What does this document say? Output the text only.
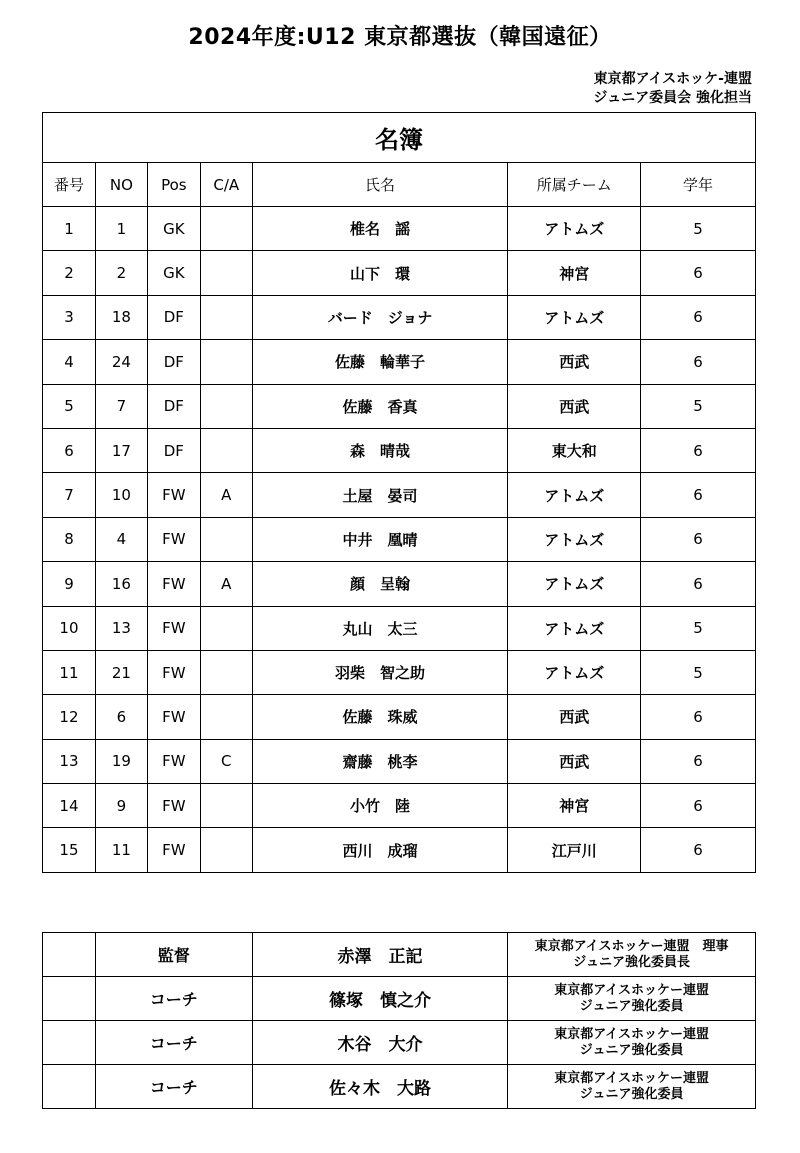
2024年度:U12 東京都選抜（韓国遠征）
東京都アイスホッケ-連盟
ジュニア委員会 強化担当
名簿						
番号	NO	Pos	C/A	氏名	所属チーム	学年
1	1	GK		椎名　謡	アトムズ	5
2	2	GK		山下　環	神宮	6
3	18	DF		バード　ジョナ	アトムズ	6
4	24	DF		佐藤　輪華子	西武	6
5	7	DF		佐藤　香真	西武	5
6	17	DF		森　晴哉	東大和	6
7	10	FW	A	土屋　晏司	アトムズ	6
8	4	FW		中井　凰晴	アトムズ	6
9	16	FW	A	顔　呈翰	アトムズ	6
10	13	FW		丸山　太三	アトムズ	5
11	21	FW		羽柴　智之助	アトムズ	5
12	6	FW		佐藤　珠威	西武	6
13	19	FW	C	齋藤　桃李	西武	6
14	9	FW		小竹　陸	神宮	6
15	11	FW		西川　成瑠	江戸川	6
	監督	赤澤　正記	東京都アイスホッケー連盟　理事
ジュニア強化委員長

	コーチ	篠塚　慎之介	東京都アイスホッケー連盟
ジュニア強化委員

	コーチ	木谷　大介	東京都アイスホッケー連盟
ジュニア強化委員

	コーチ	佐々木　大路	東京都アイスホッケー連盟
ジュニア強化委員
